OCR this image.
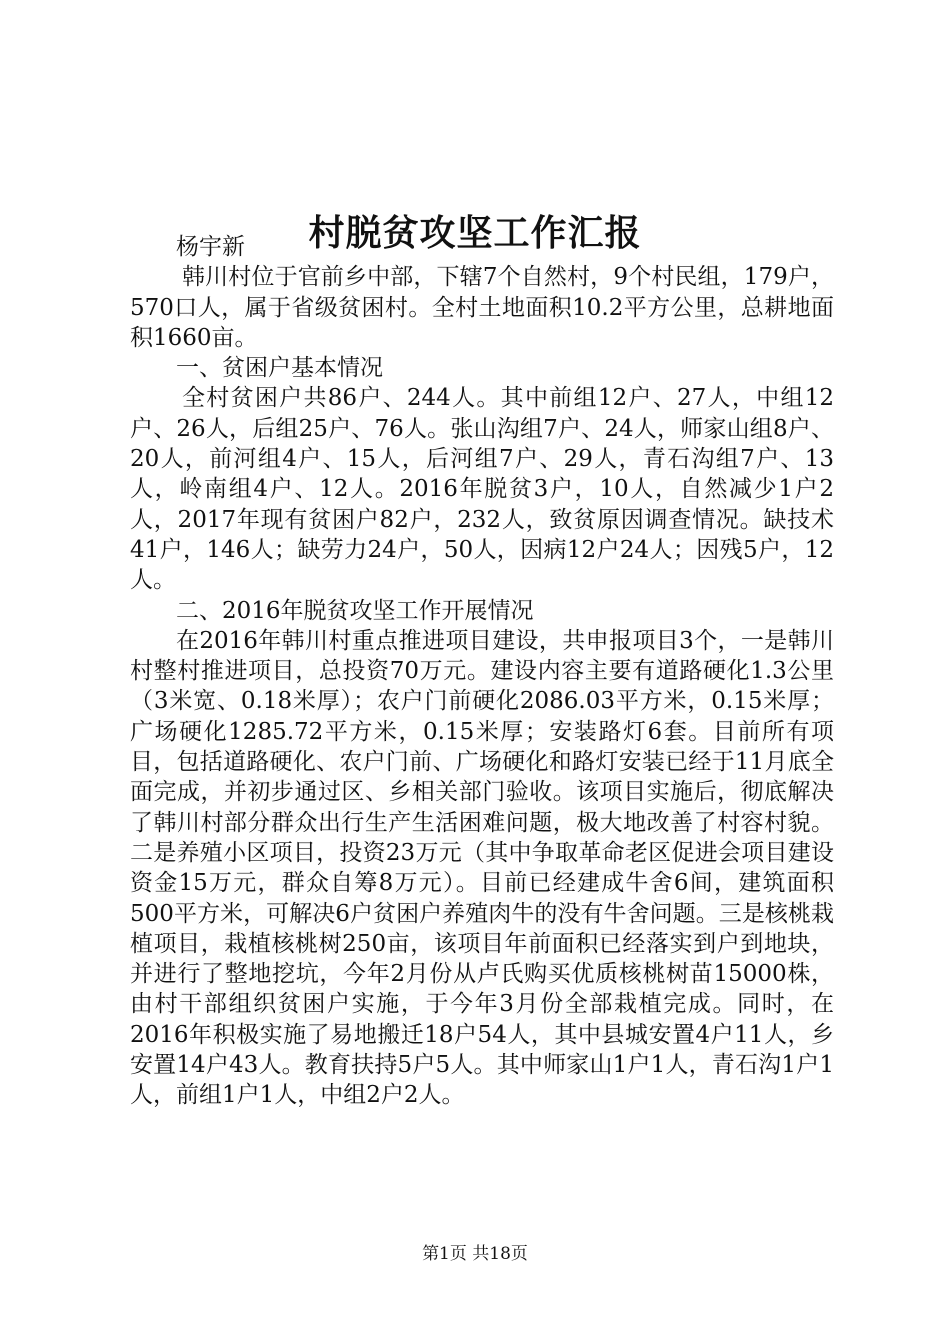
村脱贫攻坚工作汇报

杨宇新

韩川村位于官前乡中部，下辖7个自然村，9个村民组，179户，570口人，属于省级贫困村。全村土地面积10.2平方公里，总耕地面积1660亩。

一、贫困户基本情况

全村贫困户共86户、244人。其中前组12户、27人，中组12户、26人，后组25户、76人。张山沟组7户、24人，师家山组8户、20人，前河组4户、15人，后河组7户、29人，青石沟组7户、13人，岭南组4户、12人。2016年脱贫3户，10人，自然减少1户2人，2017年现有贫困户82户，232人，致贫原因调查情况。缺技术41户，146人；缺劳力24户，50人，因病12户24人；因残5户，12人。

二、2016年脱贫攻坚工作开展情况

在2016年韩川村重点推进项目建设，共申报项目3个，一是韩川村整村推进项目，总投资70万元。建设内容主要有道路硬化1.3公里（3米宽、0.18米厚）；农户门前硬化2086.03平方米，0.15米厚；广场硬化1285.72平方米，0.15米厚；安装路灯6套。目前所有项目，包括道路硬化、农户门前、广场硬化和路灯安装已经于11月底全面完成，并初步通过区、乡相关部门验收。该项目实施后，彻底解决了韩川村部分群众出行生产生活困难问题，极大地改善了村容村貌。二是养殖小区项目，投资23万元（其中争取革命老区促进会项目建设资金15万元，群众自筹8万元）。目前已经建成牛舍6间，建筑面积500平方米，可解决6户贫困户养殖肉牛的没有牛舍问题。三是核桃栽植项目，栽植核桃树250亩，该项目年前面积已经落实到户到地块，并进行了整地挖坑，今年2月份从卢氏购买优质核桃树苗15000株，由村干部组织贫困户实施，于今年3月份全部栽植完成。同时，在2016年积极实施了易地搬迁18户54人，其中县城安置4户11人，乡安置14户43人。教育扶持5户5人。其中师家山1户1人，青石沟1户1人，前组1户1人，中组2户2人。

第1页 共18页
